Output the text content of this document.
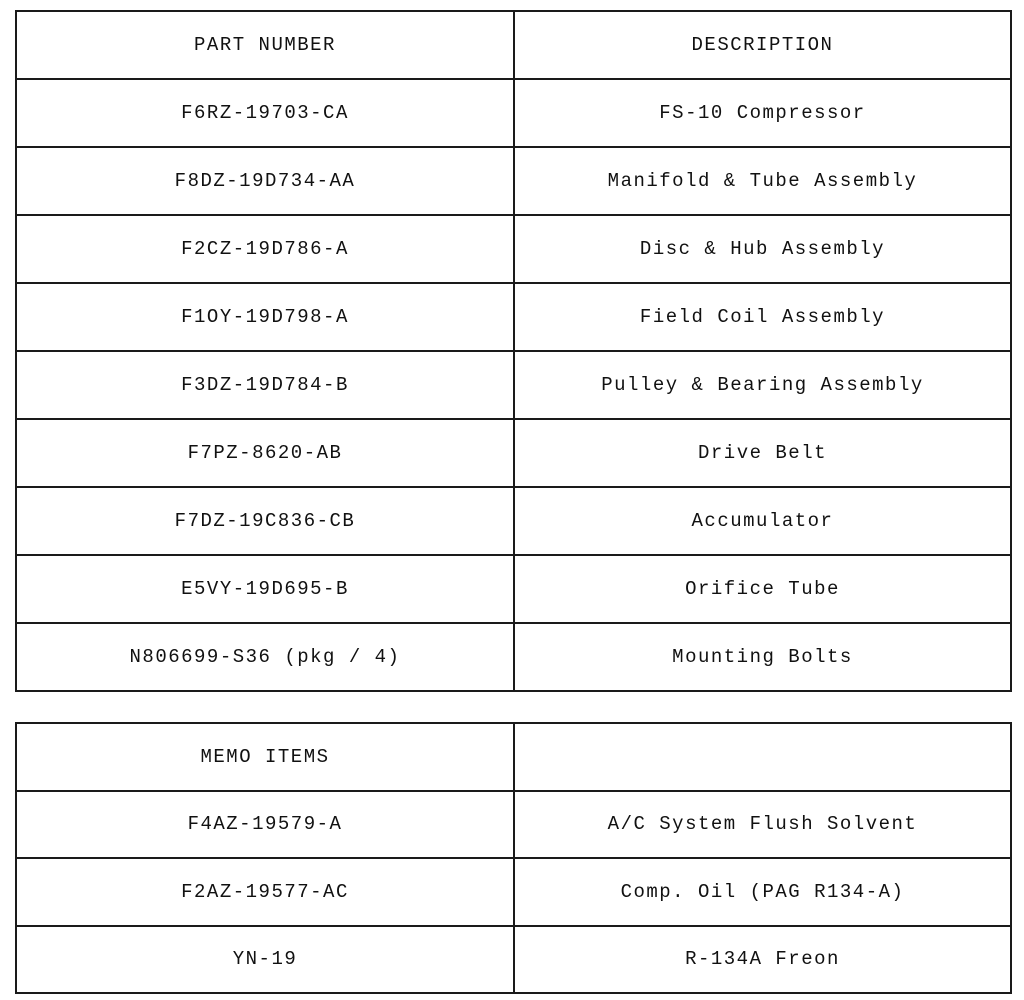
PART NUMBER	DESCRIPTION
F6RZ-19703-CA	FS-10 Compressor
F8DZ-19D734-AA	Manifold & Tube Assembly
F2CZ-19D786-A	Disc & Hub Assembly
F1OY-19D798-A	Field Coil Assembly
F3DZ-19D784-B	Pulley & Bearing Assembly
F7PZ-8620-AB	Drive Belt
F7DZ-19C836-CB	Accumulator
E5VY-19D695-B	Orifice Tube
N806699-S36 (pkg / 4)	Mounting Bolts
MEMO ITEMS	
F4AZ-19579-A	A/C System Flush Solvent
F2AZ-19577-AC	Comp. Oil (PAG R134-A)
YN-19	R-134A Freon
